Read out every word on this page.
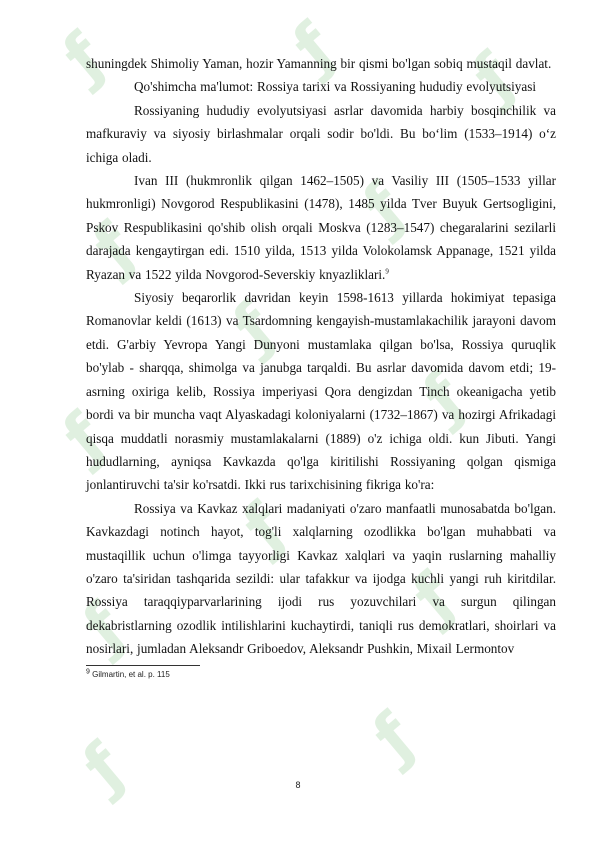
ƒ ƒ ƒ
ƒ
ƒ
ƒ
ƒ
ƒ
ƒ
ƒ	ƒ
ƒ
ƒ

shuningdek Shimoliy Yaman, hozir Yamanning bir qismi bo'lgan sobiq mustaqil davlat.

Qo'shimcha ma'lumot: Rossiya tarixi va Rossiyaning hududiy evolyutsiyasi

Rossiyaning hududiy evolyutsiyasi asrlar davomida harbiy bosqinchilik va mafkuraviy va siyosiy birlashmalar orqali sodir bo'ldi. Bu bo‘lim (1533–1914) o‘z ichiga oladi.

Ivan III (hukmronlik qilgan 1462–1505) va Vasiliy III (1505–1533 yillar hukmronligi) Novgorod Respublikasini (1478), 1485 yilda Tver Buyuk Gertsogligini, Pskov Respublikasini qo'shib olish orqali Moskva (1283–1547) chegaralarini sezilarli darajada kengaytirgan edi. 1510 yilda, 1513 yilda Volokolamsk Appanage, 1521 yilda Ryazan va 1522 yilda Novgorod-Severskiy knyazliklari.$^9$

Siyosiy beqarorlik davridan keyin 1598-1613 yillarda hokimiyat tepasiga Romanovlar keldi (1613) va Tsardomning kengayish-mustamlakachilik jarayoni davom etdi. G'arbiy Yevropa Yangi Dunyoni mustamlaka qilgan bo'lsa, Rossiya quruqlik bo'ylab - sharqqa, shimolga va janubga tarqaldi. Bu asrlar davomida davom etdi; 19-asrning oxiriga kelib, Rossiya imperiyasi Qora dengizdan Tinch okeanigacha yetib bordi va bir muncha vaqt Alyaskadagi koloniyalarni (1732–1867) va hozirgi Afrikadagi qisqa muddatli norasmiy mustamlakalarni (1889) o'z ichiga oldi. kun Jibuti. Yangi hududlarning, ayniqsa Kavkazda qo'lga kiritilishi Rossiyaning qolgan qismiga jonlantiruvchi ta'sir ko'rsatdi. Ikki rus tarixchisining fikriga ko'ra:

Rossiya va Kavkaz xalqlari madaniyati o'zaro manfaatli munosabatda bo'lgan. Kavkazdagi notinch hayot, tog'li xalqlarning ozodlikka bo'lgan muhabbati va mustaqillik uchun o'limga tayyorligi Kavkaz xalqlari va yaqin ruslarning mahalliy o'zaro ta'siridan tashqarida sezildi: ular tafakkur va ijodga kuchli yangi ruh kiritdilar. Rossiya taraqqiyparvarlarining ijodi rus yozuvchilari va surgun qilingan dekabristlarning ozodlik intilishlarini kuchaytirdi, taniqli rus demokratlari, shoirlari va nosirlari, jumladan Aleksandr Griboedov, Aleksandr Pushkin, Mixail Lermontov

$^9$ Gilmartin, et al. p. 115
8
